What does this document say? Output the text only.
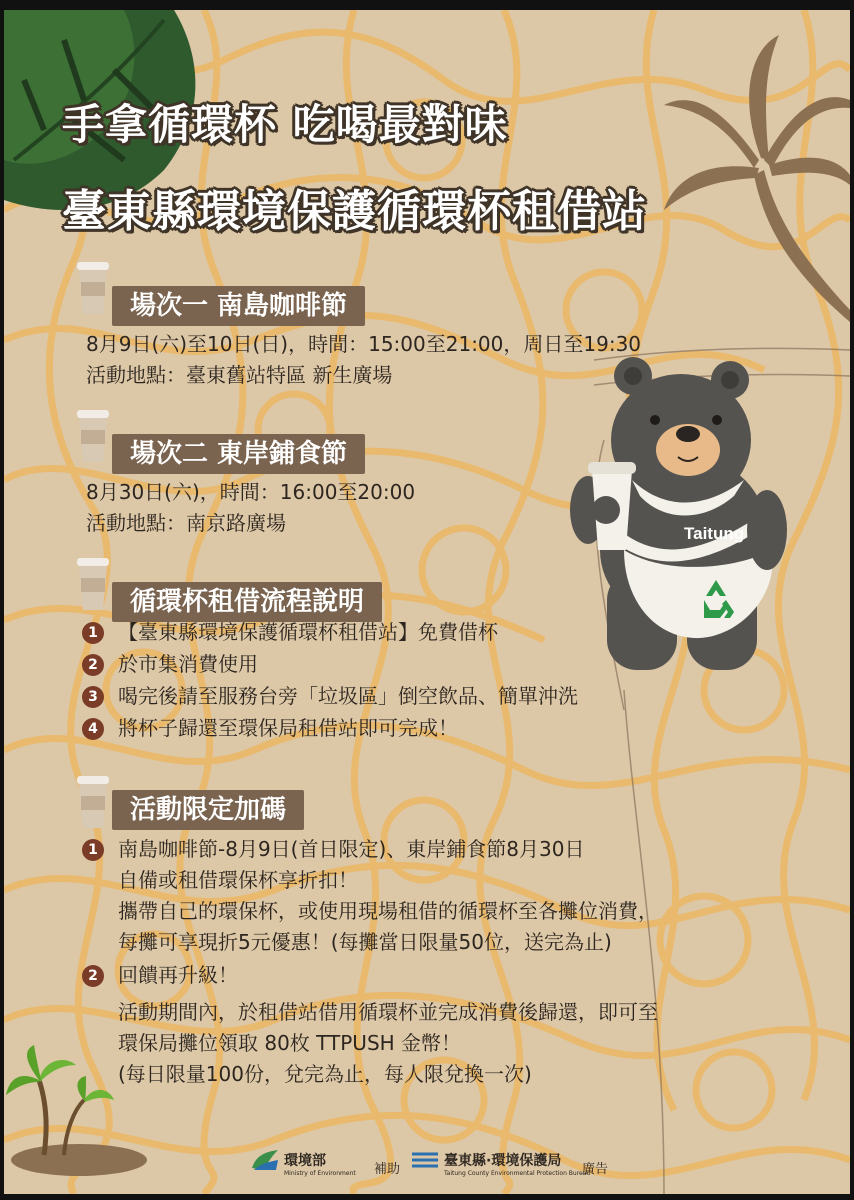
Taitung
手拿循環杯 吃喝最對味
臺東縣環境保護循環杯租借站
場次一 南島咖啡節
8月9日(六)至10日(日)，時間：15:00至21:00，周日至19:30
活動地點：臺東舊站特區 新生廣場
場次二 東岸鋪食節
8月30日(六)，時間：16:00至20:00
活動地點：南京路廣場
循環杯租借流程說明
1 【臺東縣環境保護循環杯租借站】免費借杯
2 於市集消費使用
3 喝完後請至服務台旁「垃圾區」倒空飲品、簡單沖洗
4 將杯子歸還至環保局租借站即可完成！
活動限定加碼
1 南島咖啡節-8月9日(首日限定)、東岸鋪食節8月30日
自備或租借環保杯享折扣！
攜帶自己的環保杯，或使用現場租借的循環杯至各攤位消費，
每攤可享現折5元優惠！(每攤當日限量50位，送完為止)
2 回饋再升級！
活動期間內，於租借站借用循環杯並完成消費後歸還，即可至
環保局攤位領取 80枚 TTPUSH 金幣！
(每日限量100份，兌完為止，每人限兌換一次)
環境部
Ministry of Environment 補助
臺東縣·環境保護局
Taitung County Environmental Protection Bureau
廣告
